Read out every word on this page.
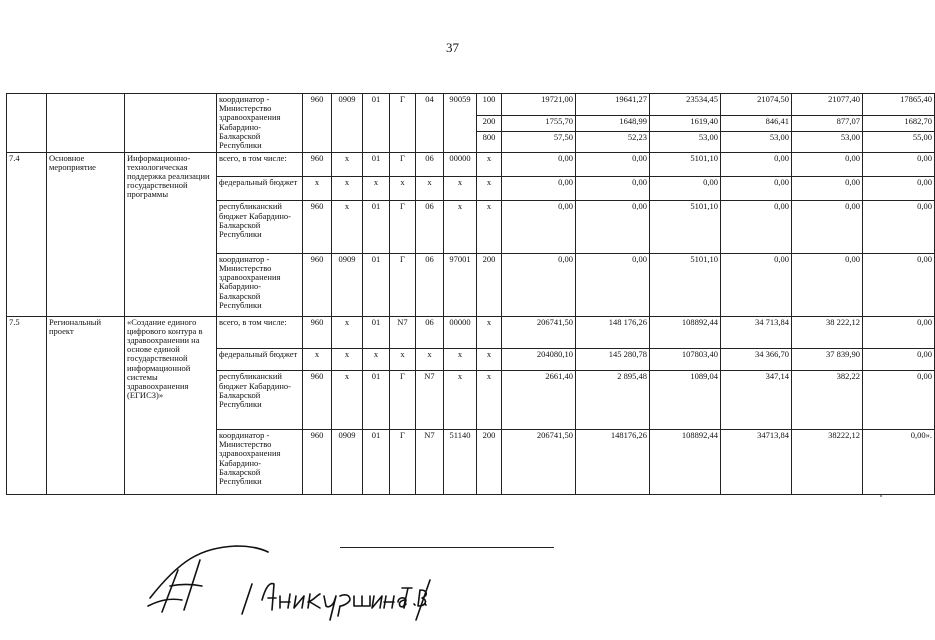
37
			координатор - Министерство здравоохранения Кабардино-Балкарской Республики	960	0909	01	Г	04	90059	100	19721,00	19641,27	23534,45	21074,50	21077,40	17865,40
										200	1755,70	1648,99	1619,40	846,41	877,07	1682,70
										800	57,50	52,23	53,00	53,00	53,00	55,00
7.4	Основное мероприятие	Информационно-технологическая поддержка реализации государственной программы	всего, в том числе:	960	х	01	Г	06	00000	х	0,00	0,00	5101,10	0,00	0,00	0,00
			федеральный бюджет	х	х	х	х	х	х	х	0,00	0,00	0,00	0,00	0,00	0,00
			республиканский бюджет Кабардино-Балкарской Республики	960	х	01	Г	06	х	х	0,00	0,00	5101,10	0,00	0,00	0,00
			координатор - Министерство здравоохранения Кабардино-Балкарской Республики	960	0909	01	Г	06	97001	200	0,00	0,00	5101,10	0,00	0,00	0,00
7.5	Региональный проект	«Создание единого цифрового контура в здравоохранении на основе единой государственной информационной системы здравоохранения (ЕГИСЗ)»	всего, в том числе:	960	х	01	N7	06	00000	х	206741,50	148 176,26	108892,44	34 713,84	38 222,12	0,00
			федеральный бюджет	х	х	х	х	х	х	х	204080,10	145 280,78	107803,40	34 366,70	37 839,90	0,00
			республиканский бюджет Кабардино-Балкарской Республики	960	х	01	Г	N7	х	х	2661,40	2 895,48	1089,04	347,14	382,22	0,00
			координатор - Министерство здравоохранения Кабардино-Балкарской Республики	960	0909	01	Г	N7	51140	200	206741,50	148176,26	108892,44	34713,84	38222,12	0,00».
